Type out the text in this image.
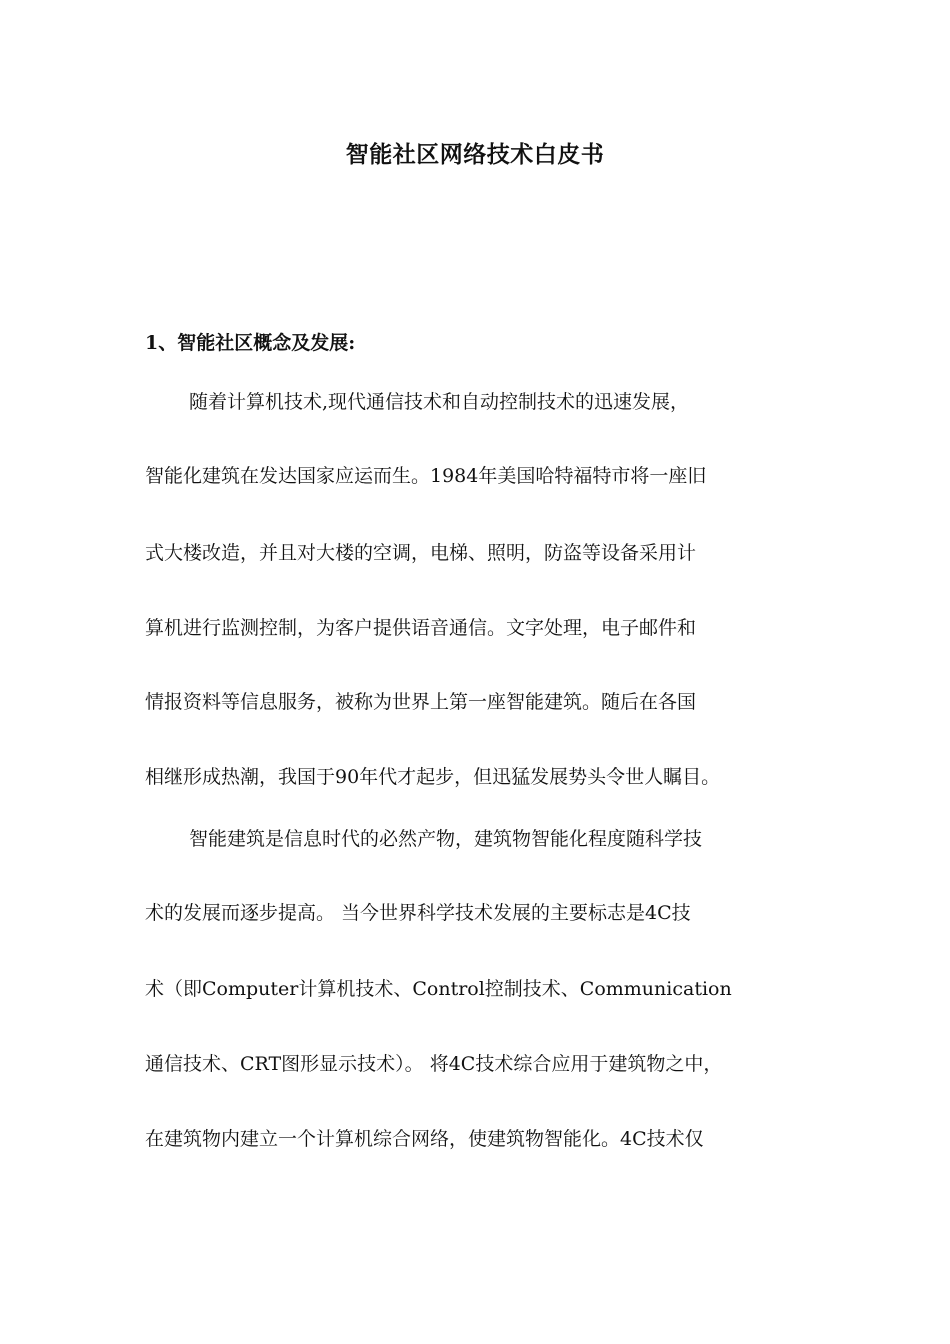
智能社区网络技术白皮书
1、智能社区概念及发展:
随着计算机技术,现代通信技术和自动控制技术的迅速发展，
智能化建筑在发达国家应运而生。1984年美国哈特福特市将一座旧
式大楼改造，并且对大楼的空调，电梯、照明，防盗等设备采用计
算机进行监测控制，为客户提供语音通信。文字处理，电子邮件和
情报资料等信息服务，被称为世界上第一座智能建筑。随后在各国
相继形成热潮，我国于90年代才起步，但迅猛发展势头令世人瞩目。
智能建筑是信息时代的必然产物，建筑物智能化程度随科学技
术的发展而逐步提高。 当今世界科学技术发展的主要标志是4C技
术（即Computer计算机技术、Control控制技术、Communication
通信技术、CRT图形显示技术）。 将4C技术综合应用于建筑物之中，
在建筑物内建立一个计算机综合网络，使建筑物智能化。4C技术仅
